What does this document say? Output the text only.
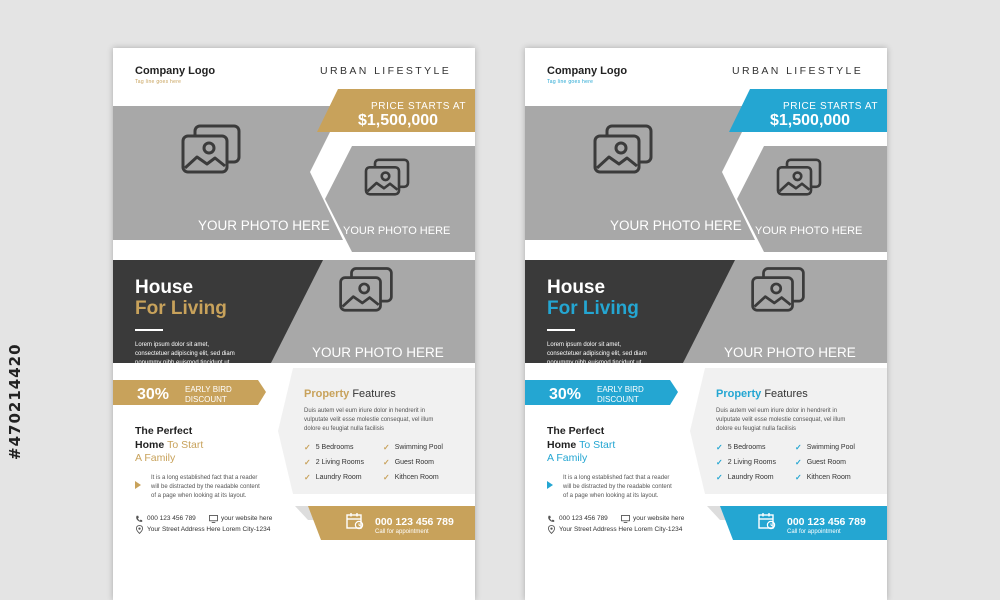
#470214420
Company Logo
Tag line goes here
URBAN LIFESTYLE
PRICE STARTS AT
$1,500,000
YOUR PHOTO HERE YOUR PHOTO HERE
YOUR PHOTO HERE
House
For Living
Lorem ipsum dolor sit amet,
consectetuer adipiscing elit, sed diam
nonummy nibh euismod tincidunt ut
30% EARLY BIRD
DISCOUNT	Property Features
Duis autem vel eum iriure dolor in hendrerit in
vulputate velit esse molestie consequat, vel illum
dolore eu feugiat nulla facilisis
✓ 5 Bedrooms	✓ Swimming Pool
✓ 2 Living Rooms ✓ Guest Room
✓ Laundry Room	✓ Kithcen Room
The Perfect
Home To Start
A Family
It is a long established fact that a reader
will be distracted by the readable content
of a page when looking at its layout.
000 123 456 789	your website here
Your Street Address Here Lorem City-1234
000 123 456 789
Call for appointment
Company Logo
Tag line goes here
URBAN LIFESTYLE
PRICE STARTS AT
$1,500,000
YOUR PHOTO HERE YOUR PHOTO HERE
YOUR PHOTO HERE
House
For Living
Lorem ipsum dolor sit amet,
consectetuer adipiscing elit, sed diam
nonummy nibh euismod tincidunt ut
30% EARLY BIRD
DISCOUNT	Property Features
Duis autem vel eum iriure dolor in hendrerit in
vulputate velit esse molestie consequat, vel illum
dolore eu feugiat nulla facilisis
✓ 5 Bedrooms	✓ Swimming Pool
✓ 2 Living Rooms ✓ Guest Room
✓ Laundry Room	✓ Kithcen Room
The Perfect
Home To Start
A Family
It is a long established fact that a reader
will be distracted by the readable content
of a page when looking at its layout.
000 123 456 789	your website here
Your Street Address Here Lorem City-1234
000 123 456 789
Call for appointment
